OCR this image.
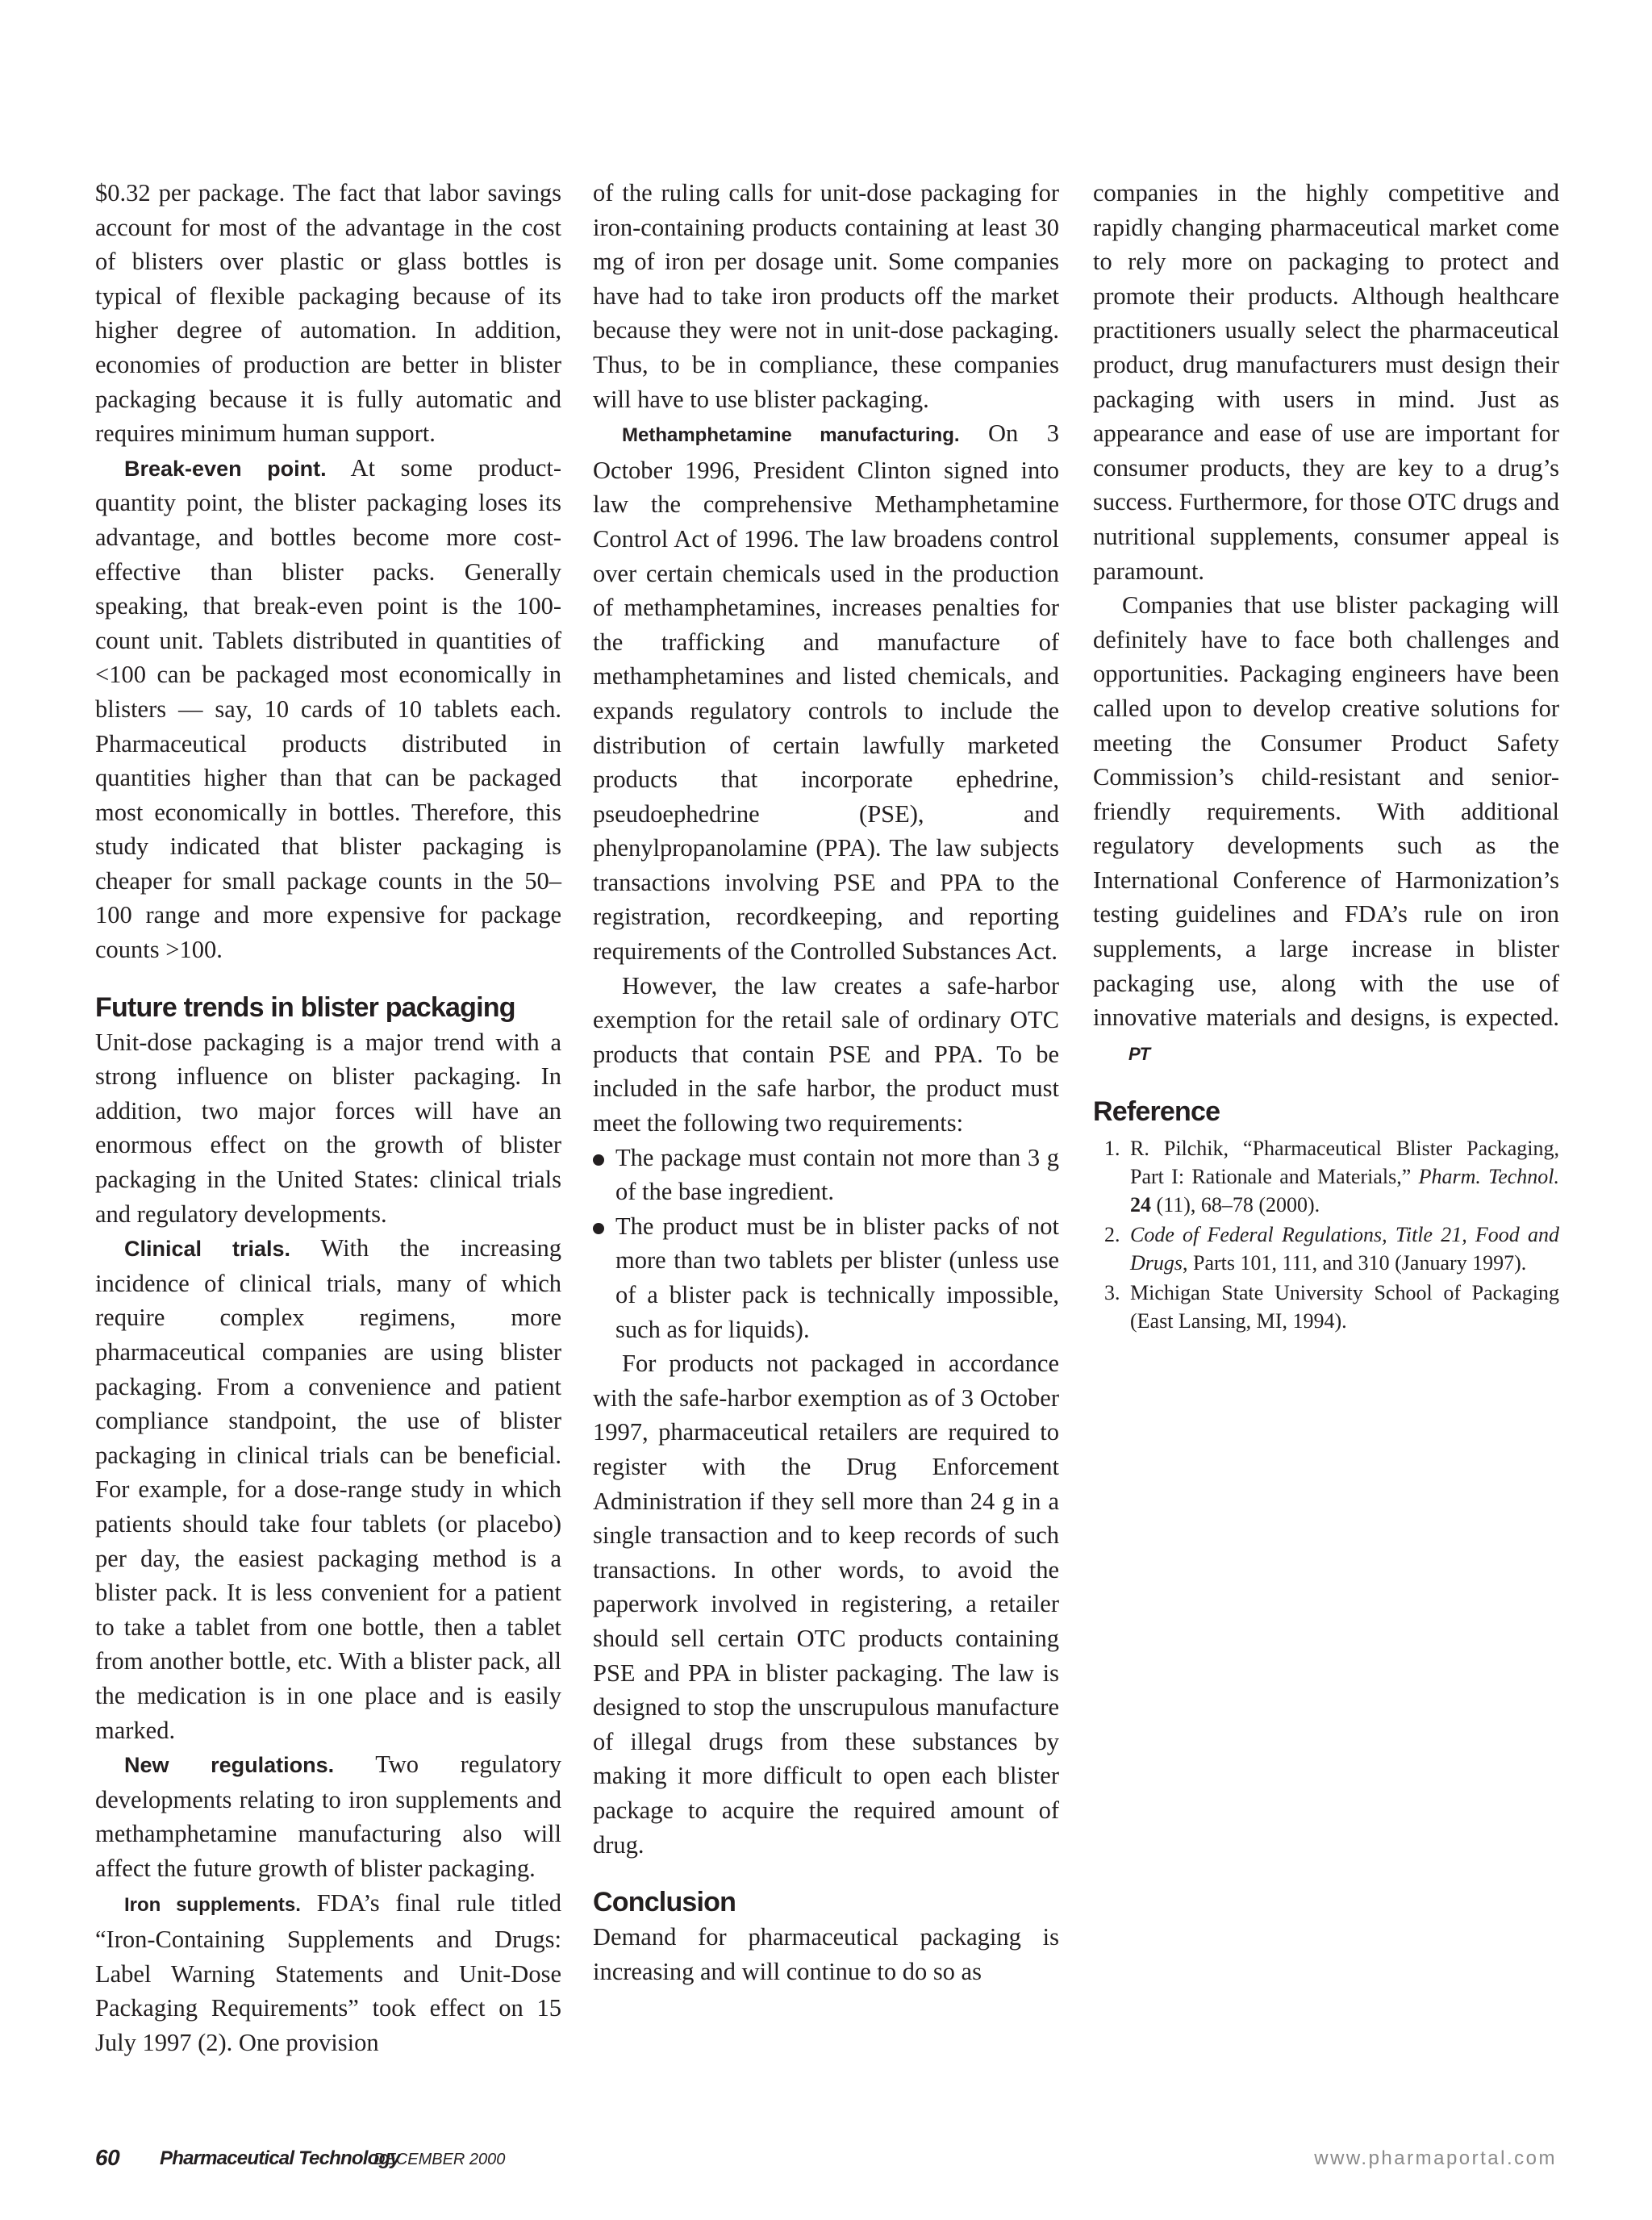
$0.32 per package. The fact that labor savings account for most of the advantage in the cost of blisters over plastic or glass bottles is typical of flexible packaging because of its higher degree of automation. In addition, economies of production are better in blister packaging because it is fully automatic and requires minimum human support.

Break-even point. At some product-quantity point, the blister packaging loses its advantage, and bottles become more cost-effective than blister packs. Generally speaking, that break-even point is the 100-count unit. Tablets distributed in quantities of <100 can be packaged most economically in blisters — say, 10 cards of 10 tablets each. Pharmaceutical products distributed in quantities higher than that can be packaged most economically in bottles. Therefore, this study indicated that blister packaging is cheaper for small package counts in the 50–100 range and more expensive for package counts >100.

Future trends in blister packaging

Unit-dose packaging is a major trend with a strong influence on blister packaging. In addition, two major forces will have an enormous effect on the growth of blister packaging in the United States: clinical trials and regulatory developments.

Clinical trials. With the increasing incidence of clinical trials, many of which require complex regimens, more pharmaceutical companies are using blister packaging. From a convenience and patient compliance standpoint, the use of blister packaging in clinical trials can be beneficial. For example, for a dose-range study in which patients should take four tablets (or placebo) per day, the easiest packaging method is a blister pack. It is less convenient for a patient to take a tablet from one bottle, then a tablet from another bottle, etc. With a blister pack, all the medication is in one place and is easily marked.

New regulations. Two regulatory developments relating to iron supplements and methamphetamine manufacturing also will affect the future growth of blister packaging.

Iron supplements. FDA’s final rule titled “Iron-Containing Supplements and Drugs: Label Warning Statements and Unit-Dose Packaging Requirements” took effect on 15 July 1997 (2). One provision

of the ruling calls for unit-dose packaging for iron-containing products containing at least 30 mg of iron per dosage unit. Some companies have had to take iron products off the market because they were not in unit-dose packaging. Thus, to be in compliance, these companies will have to use blister packaging.

Methamphetamine manufacturing. On 3 October 1996, President Clinton signed into law the comprehensive Methamphetamine Control Act of 1996. The law broadens control over certain chemicals used in the production of methamphetamines, increases penalties for the trafficking and manufacture of methamphetamines and listed chemicals, and expands regulatory controls to include the distribution of certain lawfully marketed products that incorporate ephedrine, pseudoephedrine (PSE), and phenylpropanolamine (PPA). The law subjects transactions involving PSE and PPA to the registration, recordkeeping, and reporting requirements of the Controlled Substances Act.

However, the law creates a safe-harbor exemption for the retail sale of ordinary OTC products that contain PSE and PPA. To be included in the safe harbor, the product must meet the following two requirements:

The package must contain not more than 3 g of the base ingredient.
The product must be in blister packs of not more than two tablets per blister (unless use of a blister pack is technically impossible, such as for liquids).

For products not packaged in accordance with the safe-harbor exemption as of 3 October 1997, pharmaceutical retailers are required to register with the Drug Enforcement Administration if they sell more than 24 g in a single transaction and to keep records of such transactions. In other words, to avoid the paperwork involved in registering, a retailer should sell certain OTC products containing PSE and PPA in blister packaging. The law is designed to stop the unscrupulous manufacture of illegal drugs from these substances by making it more difficult to open each blister package to acquire the required amount of drug.

Conclusion

Demand for pharmaceutical packaging is increasing and will continue to do so as

companies in the highly competitive and rapidly changing pharmaceutical market come to rely more on packaging to protect and promote their products. Although healthcare practitioners usually select the pharmaceutical product, drug manufacturers must design their packaging with users in mind. Just as appearance and ease of use are important for consumer products, they are key to a drug’s success. Furthermore, for those OTC drugs and nutritional supplements, consumer appeal is paramount.

Companies that use blister packaging will definitely have to face both challenges and opportunities. Packaging engineers have been called upon to develop creative solutions for meeting the Consumer Product Safety Commission’s child-resistant and senior-friendly requirements. With additional regulatory developments such as the International Conference of Harmonization’s testing guidelines and FDA’s rule on iron supplements, a large increase in blister packaging use, along with the use of innovative materials and designs, is expected.PT

Reference
1. R. Pilchik, “Pharmaceutical Blister Packaging, Part I: Rationale and Materials,” Pharm. Technol. 24 (11), 68–78 (2000).
2. Code of Federal Regulations, Title 21, Food and Drugs, Parts 101, 111, and 310 (January 1997).
3. Michigan State University School of Packaging (East Lansing, MI, 1994).
60 Pharmaceutical Technology
DECEMBER 2000	www.pharmaportal.com
